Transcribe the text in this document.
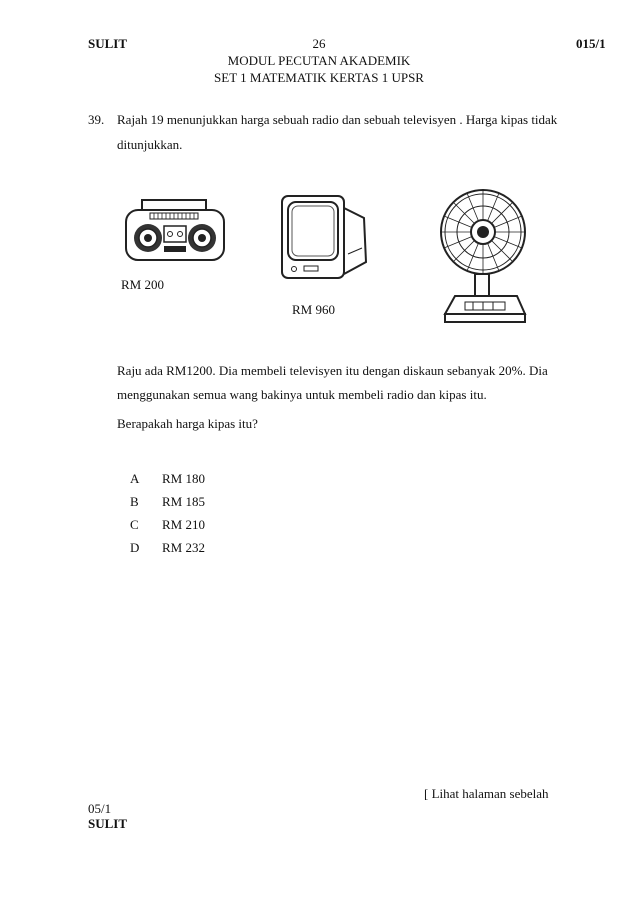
SULIT	26	015/1
MODUL PECUTAN AKADEMIK
SET 1 MATEMATIK KERTAS 1 UPSR
39. Rajah 19 menunjukkan harga sebuah radio dan sebuah televisyen . Harga kipas tidak
ditunjukkan.
RM 200
RM 960
Raju ada RM1200. Dia membeli televisyen itu dengan diskaun sebanyak 20%. Dia
menggunakan semua wang bakinya untuk membeli radio dan kipas itu.
Berapakah harga kipas itu?
A	RM 180
B	RM 185
C	RM 210
D	RM 232
[ Lihat halaman sebelah
05/1
SULIT
